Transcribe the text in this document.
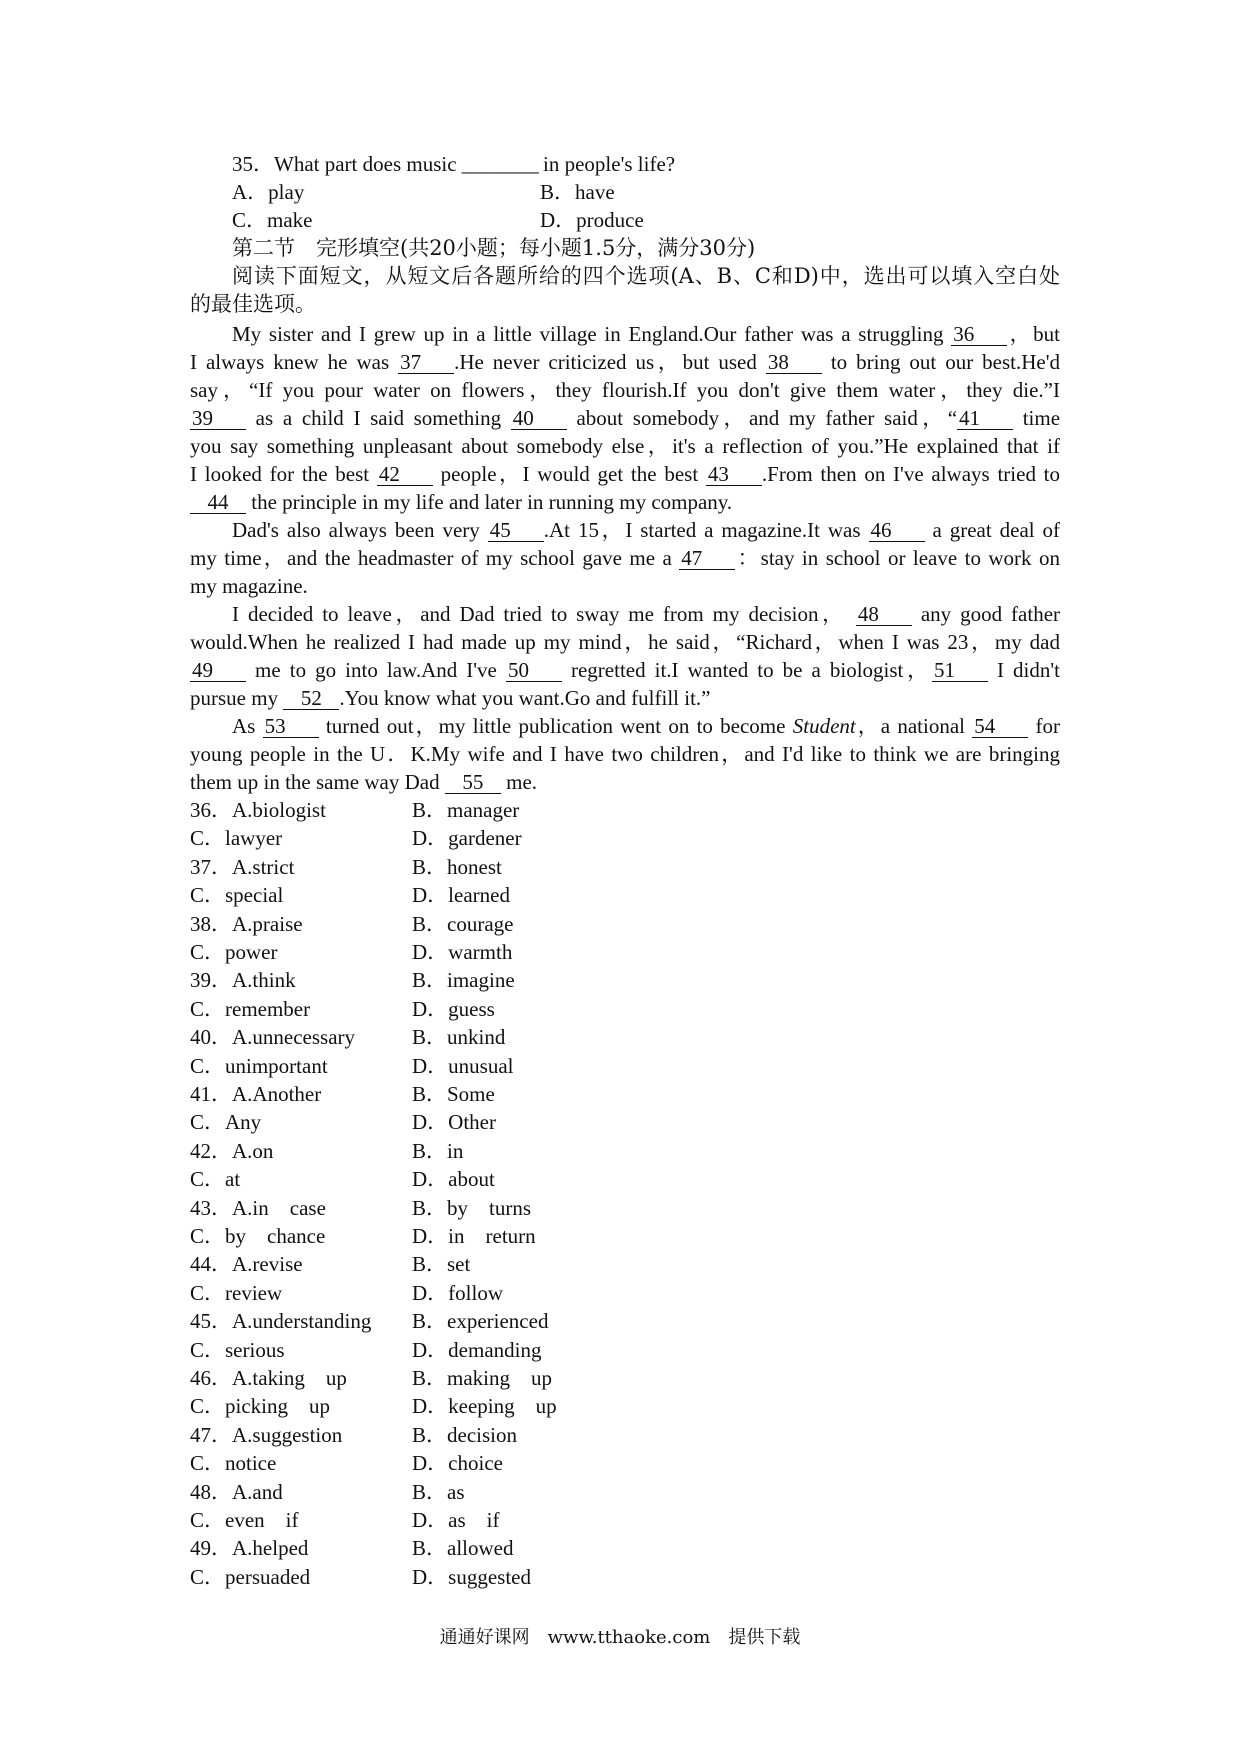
35．What part does music ________ in people's life?
A．play	B．have
C．make	D．produce
第二节　完形填空(共20小题；每小题1.5分，满分30分)
阅读下面短文，从短文后各题所给的四个选项(A、B、C和D)中，选出可以填入空白处
的最佳选项。
My sister and I grew up in a little village in England.Our father was a struggling 36 ，but
I always knew he was 37 .He never criticized us，but used 38 to bring out our best.He'd
say，“If you pour water on flowers，they flourish.If you don't give them water，they die.”I
39 as a child I said something 40 about somebody，and my father said，“41 time
you say something unpleasant about somebody else，it's a reflection of you.”He explained that if
I looked for the best 42 people，I would get the best 43 .From then on I've always tried to
44 the principle in my life and later in running my company.
Dad's also always been very 45 .At 15，I started a magazine.It was 46 a great deal of
my time，and the headmaster of my school gave me a 47 ：stay in school or leave to work on
my magazine.
I decided to leave，and Dad tried to sway me from my decision， 48 any good father
would.When he realized I had made up my mind，he said，“Richard，when I was 23，my dad
49 me to go into law.And I've 50 regretted it.I wanted to be a biologist，51 I didn't
pursue my 52 .You know what you want.Go and fulfill it.”
As 53 turned out，my little publication went on to become Student，a national 54 for
young people in the U．K.My wife and I have two children，and I'd like to think we are bringing
them up in the same way Dad 55 me.
36．A.biologist	B．manager
C．lawyer	D．gardener
37．A.strict	B．honest
C．special	D．learned
38．A.praise	B．courage
C．power	D．warmth
39．A.think	B．imagine
C．remember	D．guess
40．A.unnecessary	B．unkind
C．unimportant	D．unusual
41．A.Another	B．Some
C．Any	D．Other
42．A.on	B．in
C．at	D．about
43．A.in　case	B．by　turns
C．by　chance	D．in　return
44．A.revise	B．set
C．review	D．follow
45．A.understanding B．experienced
C．serious	D．demanding
46．A.taking　up	B．making　up
C．picking　up	D．keeping　up
47．A.suggestion	B．decision
C．notice	D．choice
48．A.and	B．as
C．even　if	D．as　if
49．A.helped	B．allowed
C．persuaded	D．suggested
通通好课网　www.tthaoke.com　提供下载
